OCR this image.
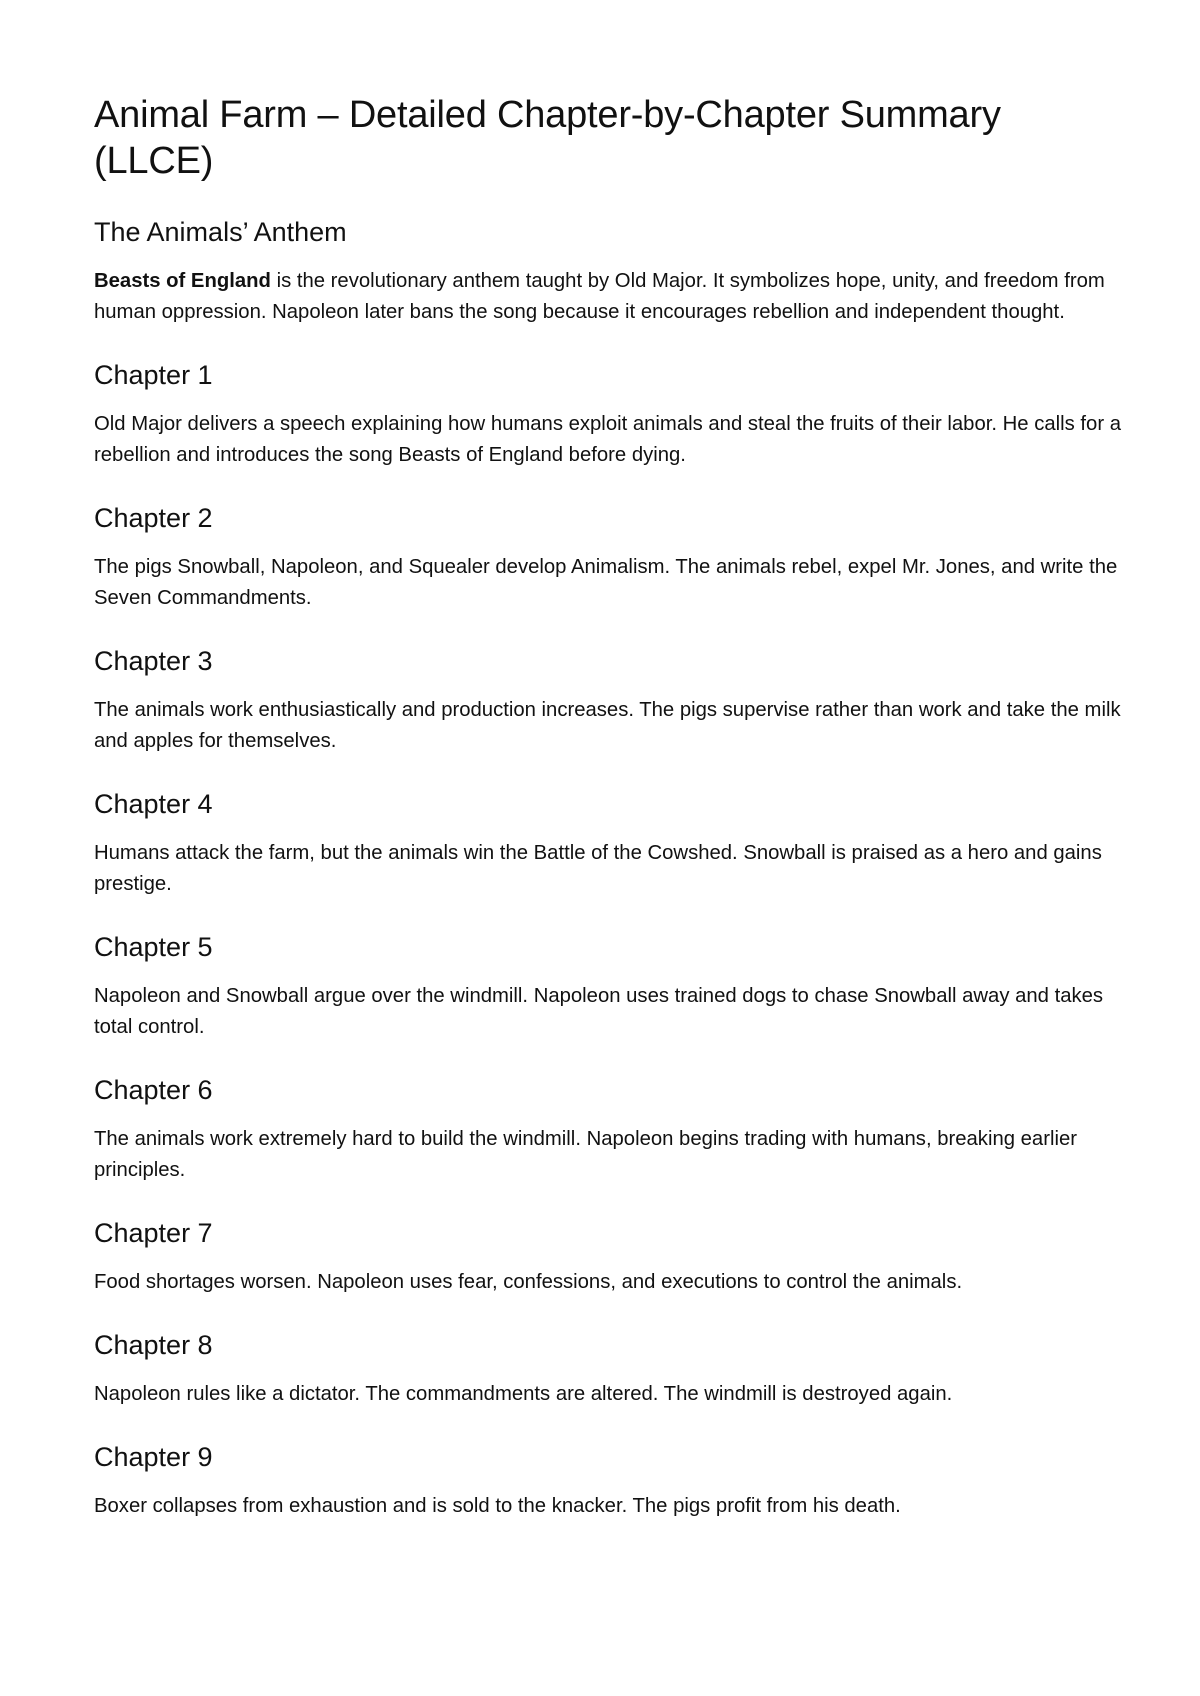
Animal Farm – Detailed Chapter-by-Chapter Summary (LLCE)
The Animals’ Anthem

Beasts of England is the revolutionary anthem taught by Old Major. It symbolizes hope, unity, and freedom from human oppression. Napoleon later bans the song because it encourages rebellion and independent thought.

Chapter 1

Old Major delivers a speech explaining how humans exploit animals and steal the fruits of their labor. He calls for a rebellion and introduces the song Beasts of England before dying.

Chapter 2

The pigs Snowball, Napoleon, and Squealer develop Animalism. The animals rebel, expel Mr. Jones, and write the Seven Commandments.

Chapter 3

The animals work enthusiastically and production increases. The pigs supervise rather than work and take the milk and apples for themselves.

Chapter 4

Humans attack the farm, but the animals win the Battle of the Cowshed. Snowball is praised as a hero and gains prestige.

Chapter 5

Napoleon and Snowball argue over the windmill. Napoleon uses trained dogs to chase Snowball away and takes total control.

Chapter 6

The animals work extremely hard to build the windmill. Napoleon begins trading with humans, breaking earlier principles.

Chapter 7

Food shortages worsen. Napoleon uses fear, confessions, and executions to control the animals.

Chapter 8

Napoleon rules like a dictator. The commandments are altered. The windmill is destroyed again.

Chapter 9

Boxer collapses from exhaustion and is sold to the knacker. The pigs profit from his death.
